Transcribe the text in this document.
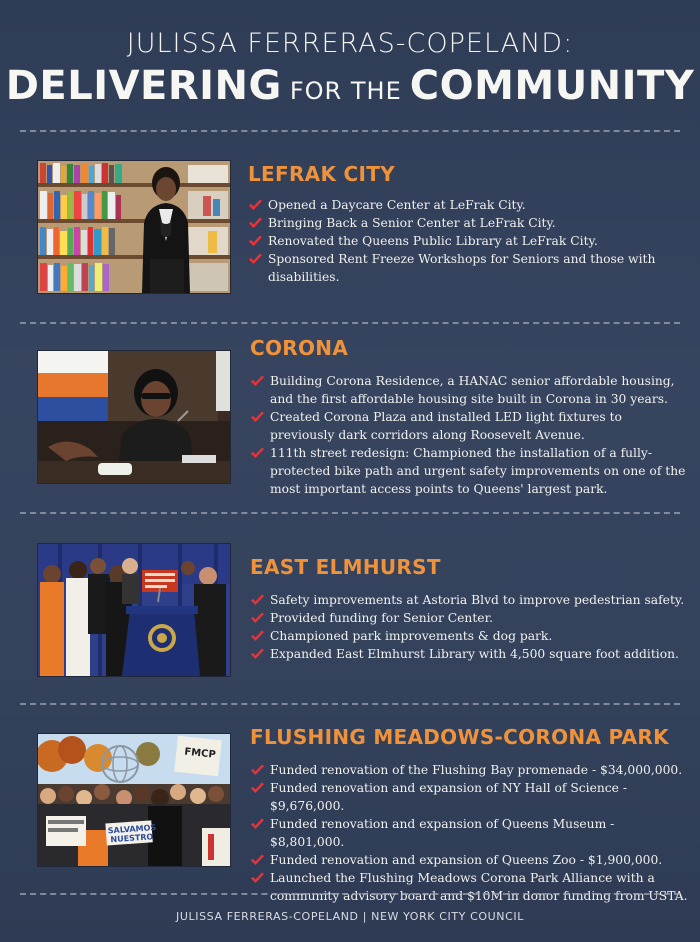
JULISSA FERRERAS-COPELAND:
DELIVERING FOR THE COMMUNITY
LEFRAK CITY
Opened a Daycare Center at LeFrak City.
Bringing Back a Senior Center at LeFrak City.
Renovated the Queens Public Library at LeFrak City.
Sponsored Rent Freeze Workshops for Seniors and those with disabilities.
CORONA
Building Corona Residence, a HANAC senior affordable housing, and the first affordable housing site built in Corona in 30 years.
Created Corona Plaza and installed LED light fixtures to previously dark corridors along Roosevelt Avenue.
111th street redesign: Championed the installation of a fully-protected bike path and urgent safety improvements on one of the most important access points to Queens' largest park.
EAST ELMHURST
Safety improvements at Astoria Blvd to improve pedestrian safety.
Provided funding for Senior Center.
Championed park improvements & dog park.
Expanded East Elmhurst Library with 4,500 square foot addition.
FMCP
SALVAMOS
NUESTRO
FLUSHING MEADOWS-CORONA PARK
Funded renovation of the Flushing Bay promenade - $34,000,000.
Funded renovation and expansion of NY Hall of Science - $9,676,000.
Funded renovation and expansion of Queens Museum - $8,801,000.
Funded renovation and expansion of Queens Zoo - $1,900,000.
Launched the Flushing Meadows Corona Park Alliance with a community advisory board and $10M in donor funding from USTA.
JULISSA FERRERAS-COPELAND | NEW YORK CITY COUNCIL
